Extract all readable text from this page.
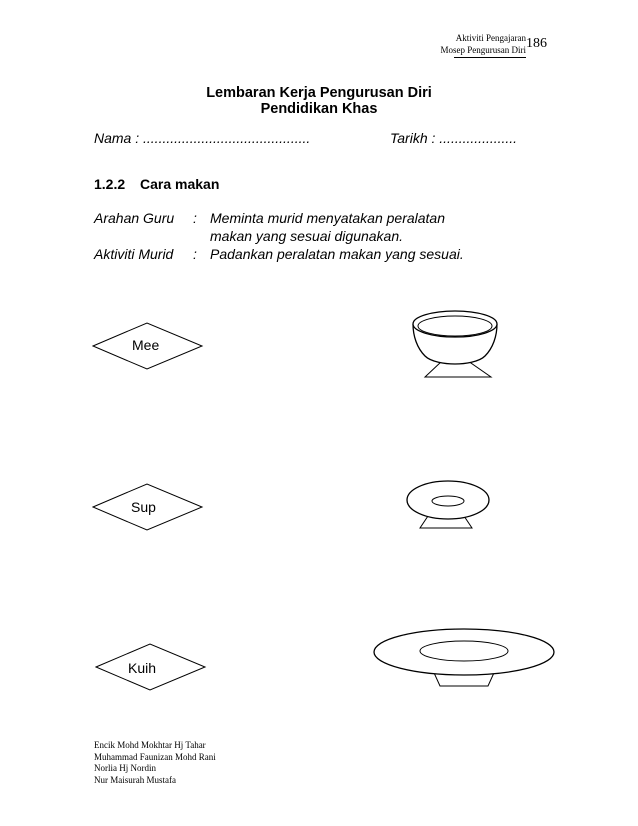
Aktiviti Pengajaran
Mosep Pengurusan Diri 186
Lembaran Kerja Pengurusan Diri
Pendidikan Khas
Nama : ...........................................	Tarikh : ....................
1.2.2 Cara makan
Arahan Guru : Meminta murid menyatakan peralatan
makan yang sesuai digunakan.
Aktiviti Murid : Padankan peralatan makan yang sesuai.
Mee
Sup
Kuih
Encik Mohd Mokhtar Hj Tahar
Muhammad Faunizan Mohd Rani
Norlia Hj Nordin
Nur Maisurah Mustafa
